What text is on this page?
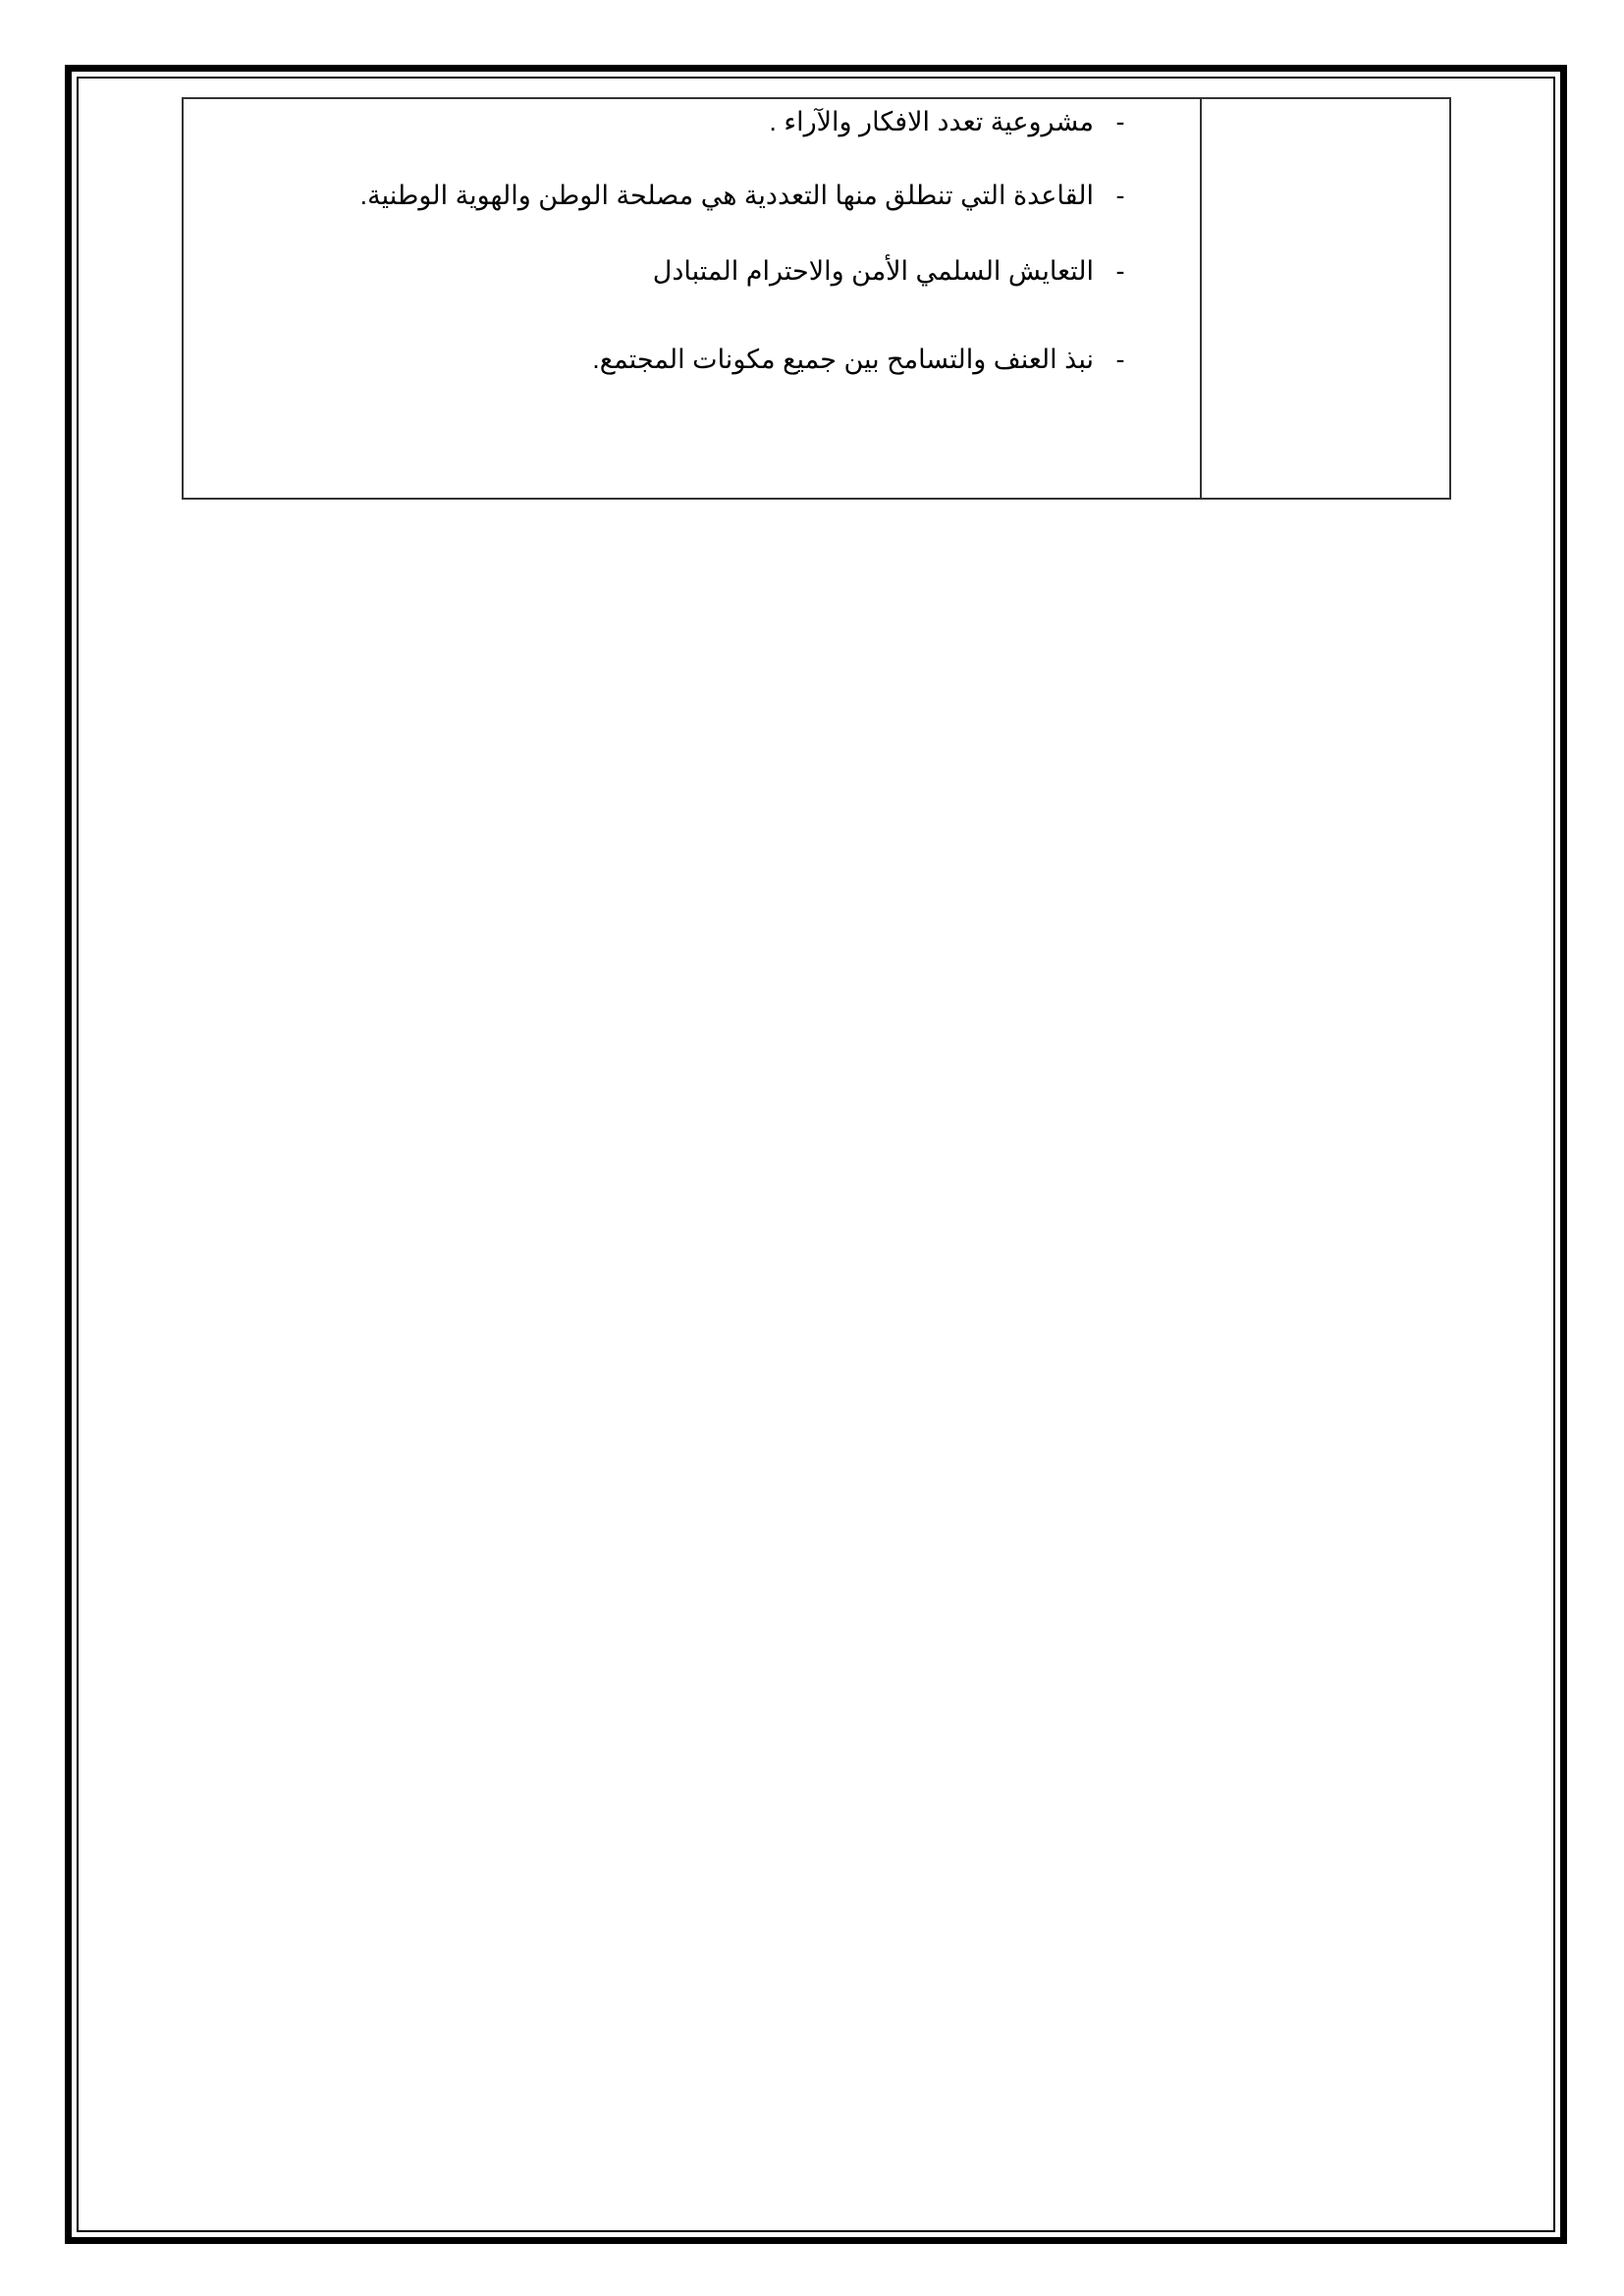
-مشروعية تعدد الافكار والآراء .
-القاعدة التي تنطلق منها التعددية هي مصلحة الوطن والهوية الوطنية.
-التعايش السلمي الأمن والاحترام المتبادل
-نبذ العنف والتسامح بين جميع مكونات المجتمع.
